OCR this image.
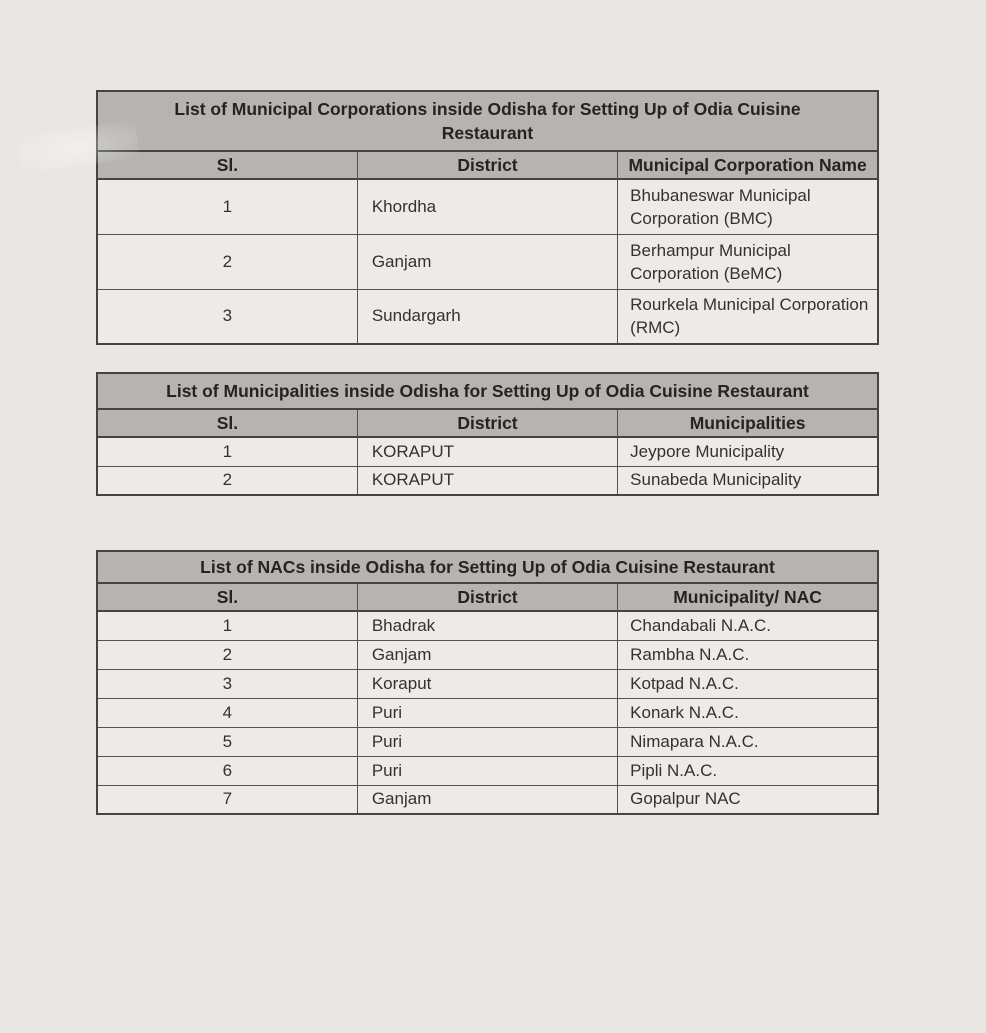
List of Municipal Corporations inside Odisha for Setting Up of Odia Cuisine Restaurant		
Sl.	District	Municipal Corporation Name
1	Khordha	Bhubaneswar Municipal Corporation (BMC)
2	Ganjam	Berhampur Municipal Corporation (BeMC)
3	Sundargarh	Rourkela Municipal Corporation (RMC)
List of Municipalities inside Odisha for Setting Up of Odia Cuisine Restaurant		
Sl.	District	Municipalities
1	KORAPUT	Jeypore Municipality
2	KORAPUT	Sunabeda Municipality
List of NACs inside Odisha for Setting Up of Odia Cuisine Restaurant		
Sl.	District	Municipality/ NAC
1	Bhadrak	Chandabali N.A.C.
2	Ganjam	Rambha N.A.C.
3	Koraput	Kotpad N.A.C.
4	Puri	Konark N.A.C.
5	Puri	Nimapara N.A.C.
6	Puri	Pipli N.A.C.
7	Ganjam	Gopalpur NAC
